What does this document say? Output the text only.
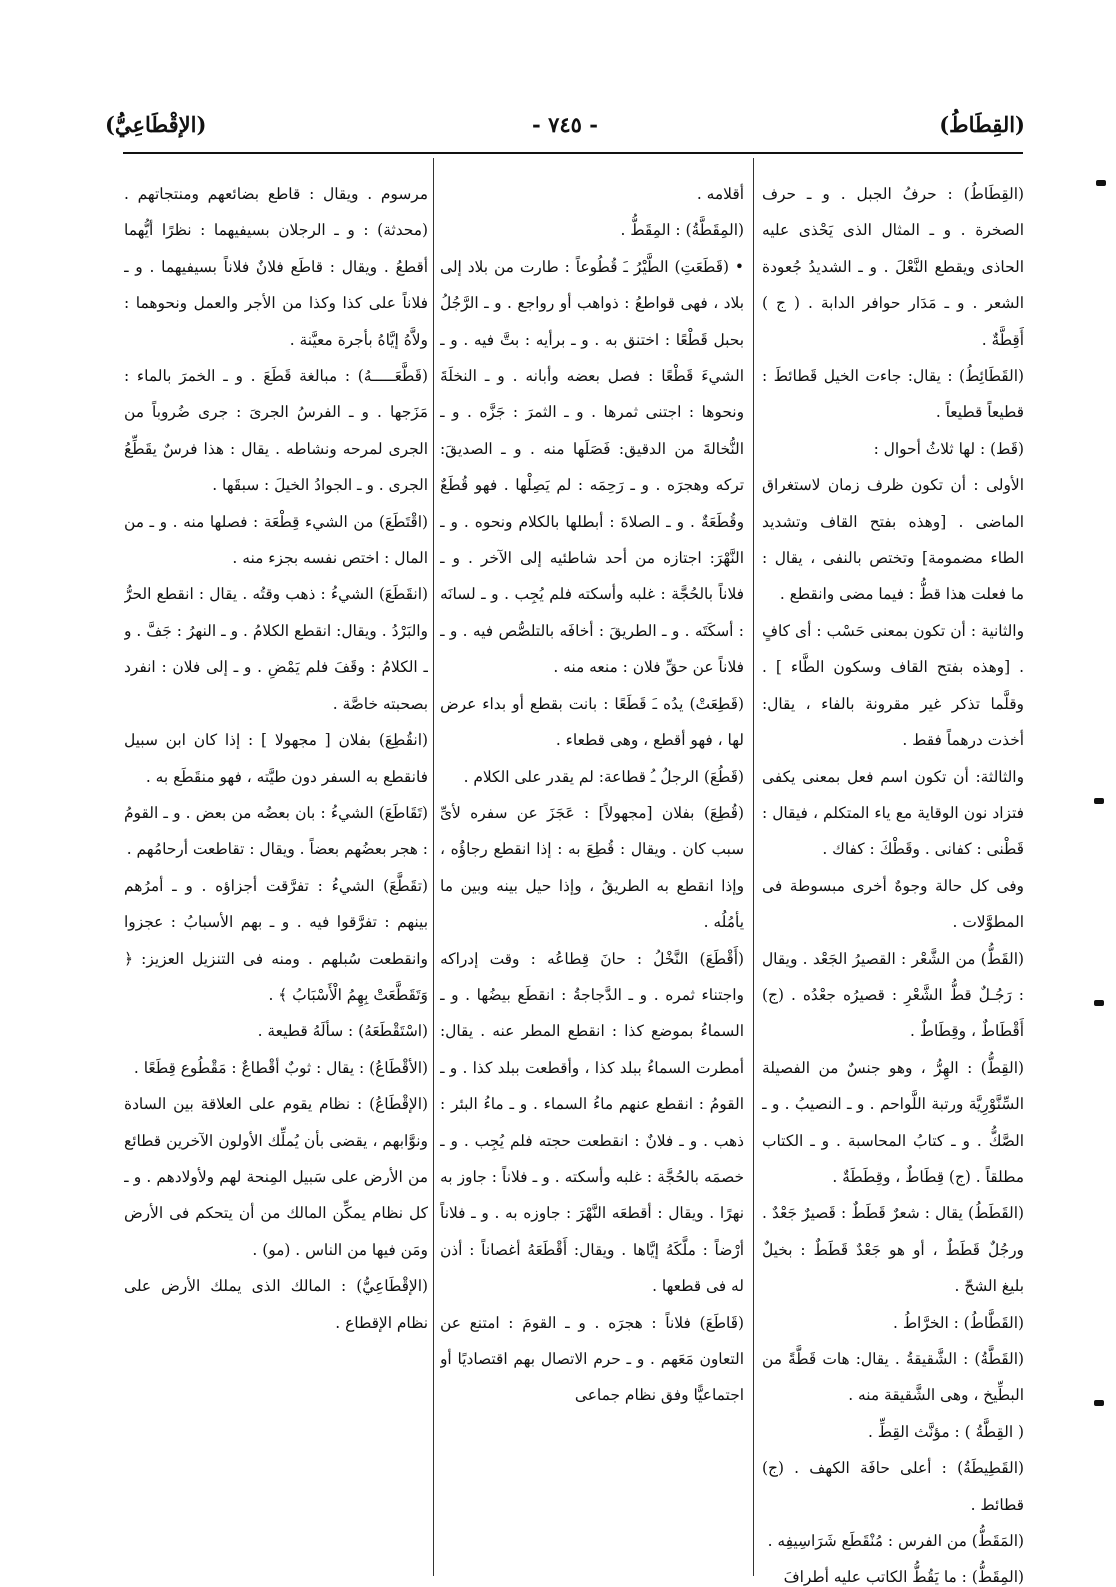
(القِطَاطُ)
- ٧٤٥ -
(الإقْطَاعِيُّ)

(القِطَاطُ) : حرفُ الجبل . و ـ حرف الصخرة . و ـ المثال الذى يَحْذى عليه الحاذى ويقطع النَّعْلَ . و ـ الشديدُ جُعودة الشعر . و ـ مَدَار حوافر الدابة . ( ج ) أَقِطَّةٌ .

(القَطَائِطُ) : يقال: جاءت الخيل قَطائطَ : قطيعاً قطيعاً .

(قَط) : لها ثلاثُ أحوال :

الأولى : أن تكون ظرف زمان لاستغراق الماضى . [وهذه بفتح القاف وتشديد الطاء مضمومة] وتختص بالنفى ، يقال : ما فعلت هذا قطُّ : فيما مضى وانقطع .

والثانية : أن تكون بمعنى حَسْب : أى كافٍ . [وهذه بفتح القاف وسكون الطَّاء ] . وقلَّما تذكر غير مقرونة بالفاء ، يقال: أخذت درهماً فقط .

والثالثة: أن تكون اسم فعل بمعنى يكفى فتزاد نون الوقاية مع ياء المتكلم ، فيقال : قَطْنى : كفانى . وقَطْكَ : كفاك .

وفى كل حالة وجوهٌ أخرى مبسوطة فى المطوَّلات .

(القَطُّ) من الشَّعْر : القصيرُ الجَعْد . ويقال : رَجُـلٌ قطُّ الشَّعْرِ : قصيرُه جعْدُه . (ج) أَقْطَاطٌ ، وقِطَاطٌ .

(القِطُّ) : الهِرُّ ، وهو جنسٌ من الفصيلة السِّنَّوْرِيَّة ورتبة اللَّواحم . و ـ النصيبُ . و ـ الصَّكُّ . و ـ كتابُ المحاسبة . و ـ الكتاب مطلقاً . (ج) قِطَاطٌ ، وقِطَطَةٌ .

(القَطَطُ) يقال : شعرٌ قَطَطٌ : قَصيرٌ جَعْدٌ . ورجُلٌ قَطَطٌ ، أو هو جَعْدٌ قَطَطٌ : بخيلٌ بليغ الشحّ .

(القَطَّاطُ) : الخرَّاطُ .

(القَطَّةُ) : الشَّقيقةُ . يقال: هات قَطَّةً من البطِّيخ ، وهى الشَّقيقة منه .

( القِطَّةُ ) : مؤنَّث القِطِّ .

(القَطِيطَةُ) : أعلى حافَة الكهف . (ج) قطائط .

(المَقَطُّ) من الفرس : مُنْقَطَع شَرَاسِيفِه .

(المِقَطُّ) : ما يَقُطُّ الكاتب عليه أطرافَ

أقلامه .

(المِقَطَّةُ) : المِقَطُّ .

• (قَطَعَتِ) الطَّيْرُ ـَ قُطُوعاً : طارت من بلاد إلى بلاد ، فهى قواطعُ : ذواهب أو رواجع . و ـ الرَّجُلُ بحبل قَطْعًا : اختنق به . و ـ برأيه : بتَّ فيه . و ـ الشيءَ قَطْعًا : فصل بعضه وأبانه . و ـ النخلَةَ ونحوها : اجتنى ثمرها . و ـ الثمرَ : جَزَّه . و ـ النُّخالةَ من الدقيق: فَصَلَها منه . و ـ الصديقَ: تركه وهجرَه . و ـ رَحِمَه : لم يَصِلْها . فهو قُطَعٌ وقُطَعَةٌ . و ـ الصلاةَ : أبطلها بالكلام ونحوه . و ـ النَّهْرَ: اجتازه من أحد شاطئيه إلى الآخر . و ـ فلاناً بالحُجَّة : غلبه وأسكته فلم يُجِب . و ـ لسانَه : أسكَتَه . و ـ الطريقَ : أخافَه بالتلصُّص فيه . و ـ فلاناً عن حقِّ فلان : منعه منه .

(قَطِعَتْ) يدُه ـَ قَطَعًا : بانت بقطع أو بداء عرض لها ، فهو أقطع ، وهى قطعاء .

(قَطُعَ) الرجلُ ـُ قطاعة: لم يقدر على الكلام .

(قُطِعَ) بفلان [مجهولاً] : عَجَزَ عن سفره لأىِّ سبب كان . ويقال : قُطِعَ به : إذا انقطع رجاؤُه ، وإذا انقطع به الطريقُ ، وإذا حيل بينه وبين ما يأمُلُه .

(أَقْطَعَ) النَّخْلُ : حانَ قِطاعُه : وقت إدراكه واجتناء ثمره . و ـ الدَّجاجةُ : انقطَع بيضُها . و ـ السماءُ بموضع كذا : انقطع المطر عنه . يقال: أمطرت السماءُ ببلد كذا ، وأقطعت ببلد كذا . و ـ القومُ : انقطع عنهم ماءُ السماء . و ـ ماءُ البئر : ذهب . و ـ فلانٌ : انقطعت حجته فلم يُجِب . و ـ خصمَه بالحُجَّة : غلبه وأسكته . و ـ فلاناً : جاوز به نهرًا . ويقال : أقطعَه النَّهْرَ : جاوزه به . و ـ فلاناً أرْضاً : ملَّكَهُ إيَّاها . ويقال: أَقْطَعَهُ أغصاناً : أذن له فى قطعها .

(قَاطَعَ) فلاناً : هجرَه . و ـ القومَ : امتنع عن التعاون مَعَهم . و ـ حرم الاتصال بهم اقتصاديًا أو اجتماعيًّا وفق نظام جماعى

مرسوم . ويقال : قاطع بضائعهم ومنتجاتهم . (محدثة) : و ـ الرجلان بسيفيهما : نظرًا أيُّهما أقطعُ . ويقال : قاطَع فلانٌ فلاناً بسيفيهما . و ـ فلاناً على كذا وكذا من الأجر والعمل ونحوهما : ولاَّهُ إيَّاهُ بأجرة معيَّنة .

(قَطَّعَـــــهُ) : مبالغة قَطَعَ . و ـ الخمرَ بالماء : مَزَجها . و ـ الفرسُ الجرىَ : جرى ضُروباً من الجرى لمرحه ونشاطه . يقال : هذا فرسٌ يقَطِّعُ الجرى . و ـ الجوادُ الخيلَ : سبقَها .

(اقْتَطَعَ) من الشيء قِطْعَة : فصلها منه . و ـ من المال : اختص نفسه بجزء منه .

(انقَطَعَ) الشيءُ : ذهب وقتُه . يقال : انقطع الحرُّ والبَرْدُ . ويقال: انقطع الكلامُ . و ـ النهرُ : جَفَّ . و ـ الكلامُ : وقَفَ فلم يَمْضِ . و ـ إلى فلان : انفرد بصحبته خاصَّة .

(انقُطِعَ) بفلان [ مجهولا ] : إذا كان ابن سبيل فانقطع به السفر دون طيَّته ، فهو منقَطَع به .

(تَقَاطَعَ) الشيءُ : بان بعضُه من بعض . و ـ القومُ : هجر بعضُهم بعضاً . ويقال : تقاطعت أرحامُهم .

(تقَطَّعَ) الشيءُ : تفرَّقت أجزاؤه . و ـ أمرُهم بينهم : تفرَّقوا فيه . و ـ بهم الأسبابُ : عجزوا وانقطعت سُبلهم . ومنه فى التنزيل العزيز: ﴿ وَتَقَطَّعَتْ بِهِمُ الْأَسْبَابُ ﴾ .

(اسْتَقْطَعَهُ) : سألَهُ قطيعة .

(الأقْطَاعُ) : يقال : ثوبٌ أقْطاعٌ : مَقْطُوع قِطَعًا .

(الإقْطَاعُ) : نظام يقوم على العلاقة بين السادة ونوَّابهم ، يقضى بأن يُملِّك الأولون الآخرين قطائع من الأرض على سَبيل المِنحة لهم ولأولادهم . و ـ كل نظام يمكِّن المالك من أن يتحكم فى الأرض ومَن فيها من الناس . (مو) .

(الإقْطَاعِيُّ) : المالك الذى يملك الأرض على نظام الإقطاع .
